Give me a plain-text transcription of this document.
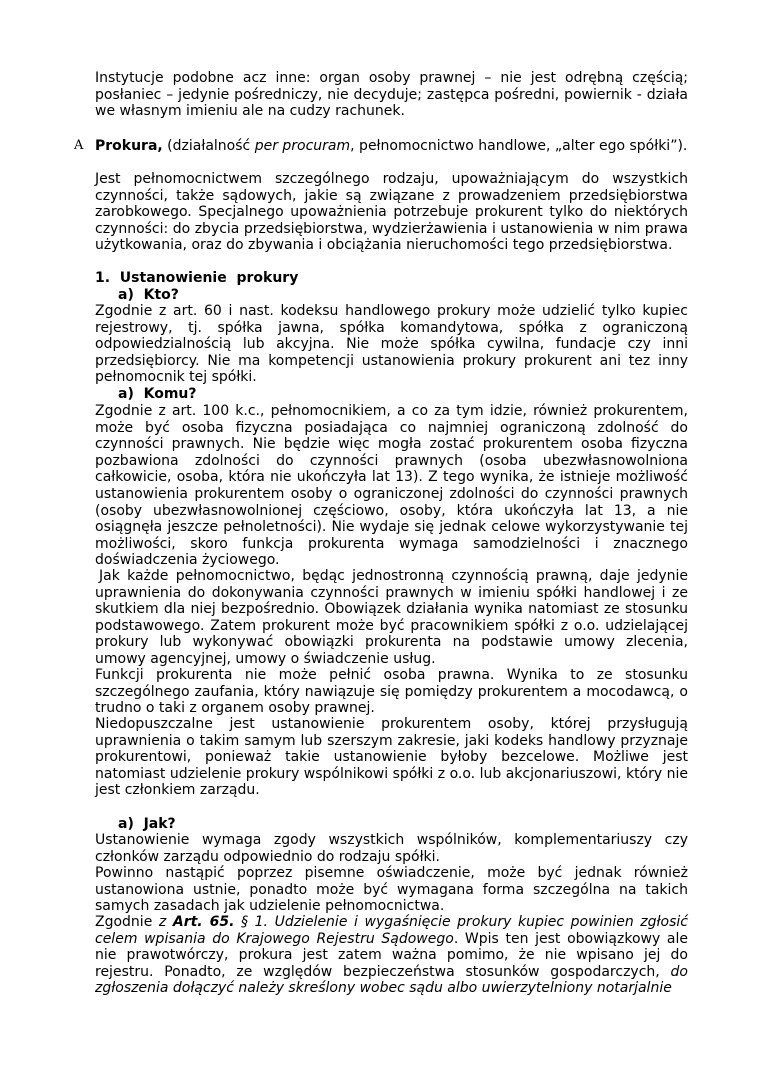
Instytucje podobne acz inne: organ osoby prawnej – nie jest odrębną częścią; posłaniec – jedynie pośredniczy, nie decyduje; zastępca pośredni, powiernik - działa we własnym imieniu ale na cudzy rachunek.

A Prokura, (działalność per procuram, pełnomocnictwo handlowe, „alter ego spółki”).

Jest pełnomocnictwem szczególnego rodzaju, upoważniającym do wszystkich czynności, także sądowych, jakie są związane z prowadzeniem przedsiębiorstwa zarobkowego. Specjalnego upoważnienia potrzebuje prokurent tylko do niektórych czynności: do zbycia przedsiębiorstwa, wydzierżawienia i ustanowienia w nim prawa użytkowania, oraz do zbywania i obciążania nieruchomości tego przedsiębiorstwa.

1.  Ustanowienie  prokury
a)  Kto?

Zgodnie z art. 60 i nast. kodeksu handlowego prokury może udzielić tylko kupiec rejestrowy, tj. spółka jawna, spółka komandytowa, spółka z ograniczoną odpowiedzialnością lub akcyjna. Nie może spółka cywilna, fundacje czy inni przedsiębiorcy. Nie ma kompetencji ustanowienia prokury prokurent ani tez inny pełnomocnik tej spółki.

a)  Komu?

Zgodnie z art. 100 k.c., pełnomocnikiem, a co za tym idzie, również prokurentem, może być osoba fizyczna posiadająca co najmniej ograniczoną zdolność do czynności prawnych. Nie będzie więc mogła zostać prokurentem osoba fizyczna pozbawiona zdolności do czynności prawnych (osoba ubezwłasnowolniona całkowicie, osoba, która nie ukończyła lat 13). Z tego wynika, że istnieje możliwość ustanowienia prokurentem osoby o ograniczonej zdolności do czynności prawnych (osoby ubezwłasnowolnionej częściowo, osoby, która ukończyła lat 13, a nie osiągnęła jeszcze pełnoletności). Nie wydaje się jednak celowe wykorzystywanie tej możliwości, skoro funkcja prokurenta wymaga samodzielności i znacznego doświadczenia życiowego.

Jak każde pełnomocnictwo, będąc jednostronną czynnością prawną, daje jedynie uprawnienia do dokonywania czynności prawnych w imieniu spółki handlowej i ze skutkiem dla niej bezpośrednio. Obowiązek działania wynika natomiast ze stosunku podstawowego. Zatem prokurent może być pracownikiem spółki z o.o. udzielającej prokury lub wykonywać obowiązki prokurenta na podstawie umowy zlecenia, umowy agencyjnej, umowy o świadczenie usług.

Funkcji prokurenta nie może pełnić osoba prawna. Wynika to ze stosunku szczególnego zaufania, który nawiązuje się pomiędzy prokurentem a mocodawcą, o trudno o taki z organem osoby prawnej.

Niedopuszczalne jest ustanowienie prokurentem osoby, której przysługują uprawnienia o takim samym lub szerszym zakresie, jaki kodeks handlowy przyznaje prokurentowi, ponieważ takie ustanowienie byłoby bezcelowe. Możliwe jest natomiast udzielenie prokury wspólnikowi spółki z o.o. lub akcjonariuszowi, który nie jest członkiem zarządu.

a)  Jak?

Ustanowienie wymaga zgody wszystkich wspólników, komplementariuszy czy członków zarządu odpowiednio do rodzaju spółki.

Powinno nastąpić poprzez pisemne oświadczenie, może być jednak również ustanowiona ustnie, ponadto może być wymagana forma szczególna na takich samych zasadach jak udzielenie pełnomocnictwa.

Zgodnie z Art. 65. § 1. Udzielenie i wygaśnięcie prokury kupiec powinien zgłosić celem wpisania do Krajowego Rejestru Sądowego. Wpis ten jest obowiązkowy ale nie prawotwórczy, prokura jest zatem ważna pomimo, że nie wpisano jej do rejestru. Ponadto, ze względów bezpieczeństwa stosunków gospodarczych, do zgłoszenia dołączyć należy skreślony wobec sądu albo uwierzytelniony notarjalnie
